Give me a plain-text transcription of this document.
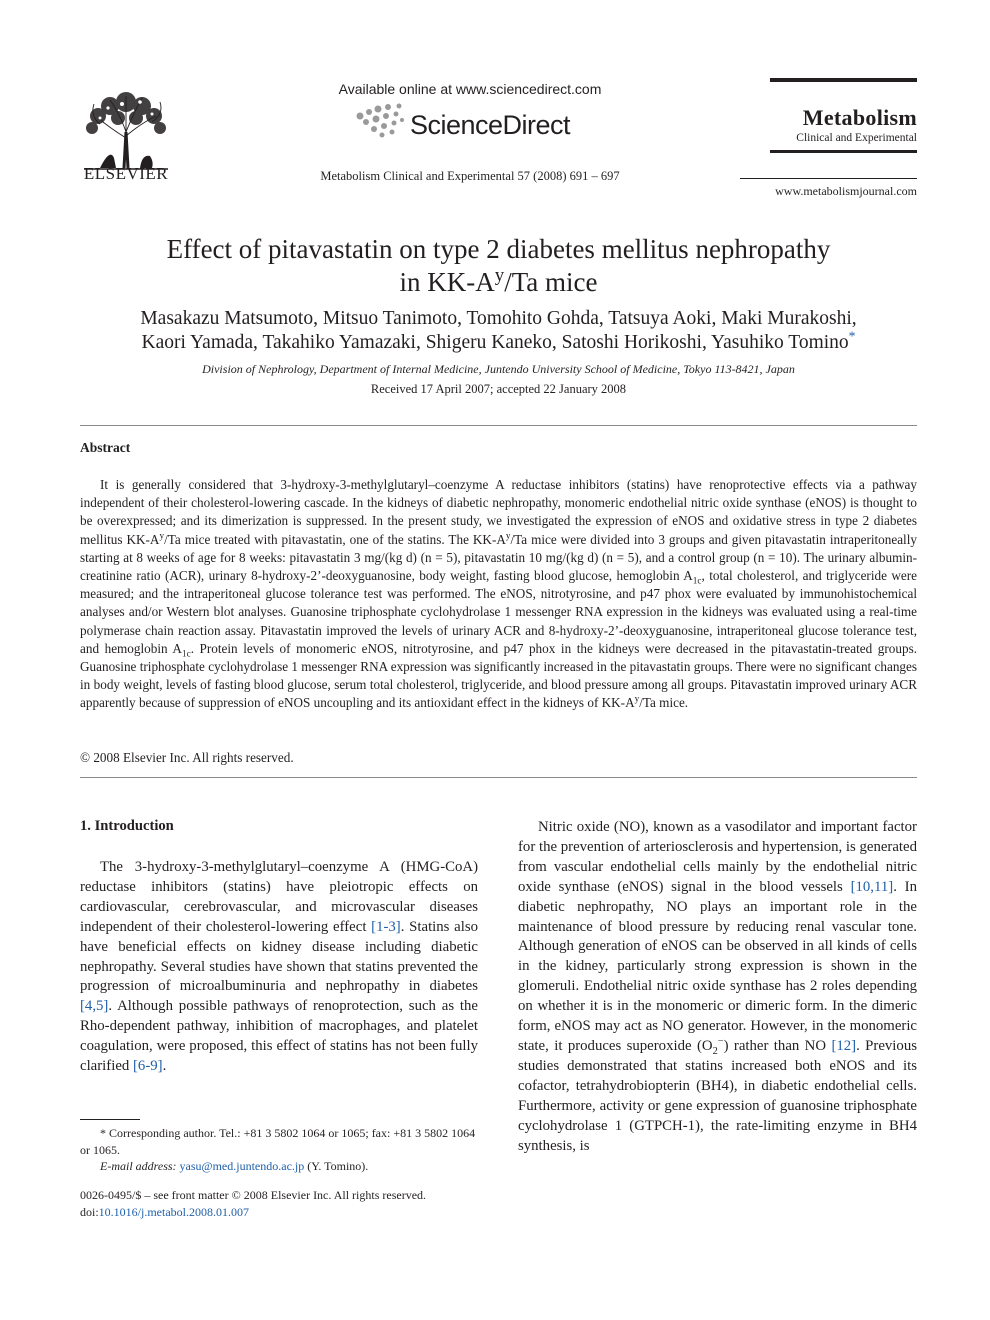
ELSEVIER
Available online at www.sciencedirect.com
ScienceDirect
Metabolism Clinical and Experimental 57 (2008) 691 – 697
Metabolism
Clinical and Experimental
www.metabolismjournal.com
Effect of pitavastatin on type 2 diabetes mellitus nephropathy
in $KK-A^y/Ta$ mice
Masakazu Matsumoto, Mitsuo Tanimoto, Tomohito Gohda, Tatsuya Aoki, Maki Murakoshi,
Kaori Yamada, Takahiko Yamazaki, Shigeru Kaneko, Satoshi Horikoshi, Yasuhiko Tomino*
Division of Nephrology, Department of Internal Medicine, Juntendo University School of Medicine, Tokyo 113-8421, Japan
Received 17 April 2007; accepted 22 January 2008
Abstract
It is generally considered that 3-hydroxy-3-methylglutaryl–coenzyme A reductase inhibitors (statins) have renoprotective effects via a pathway independent of their cholesterol-lowering cascade. In the kidneys of diabetic nephropathy, monomeric endothelial nitric oxide synthase (eNOS) is thought to be overexpressed; and its dimerization is suppressed. In the present study, we investigated the expression of eNOS and oxidative stress in type 2 diabetes mellitus $KK-A^y/Ta$ mice treated with pitavastatin, one of the statins. The $KK-A^y/Ta$ mice were divided into 3 groups and given pitavastatin intraperitoneally starting at 8 weeks of age for 8 weeks: pitavastatin 3 mg/(kg d) (n = 5), pitavastatin 10 mg/(kg d) (n = 5), and a control group (n = 10). The urinary albumin-creatinine ratio (ACR), urinary 8-hydroxy-2’-deoxyguanosine, body weight, fasting blood glucose, hemoglobin $A_{1c}$, total cholesterol, and triglyceride were measured; and the intraperitoneal glucose tolerance test was performed. The eNOS, nitrotyrosine, and p47 phox were evaluated by immunohistochemical analyses and/or Western blot analyses. Guanosine triphosphate cyclohydrolase 1 messenger RNA expression in the kidneys was evaluated using a real-time polymerase chain reaction assay. Pitavastatin improved the levels of urinary ACR and 8-hydroxy-2’-deoxyguanosine, intraperitoneal glucose tolerance test, and hemoglobin $A_{1c}$. Protein levels of monomeric eNOS, nitrotyrosine, and p47 phox in the kidneys were decreased in the pitavastatin-treated groups. Guanosine triphosphate cyclohydrolase 1 messenger RNA expression was significantly increased in the pitavastatin groups. There were no significant changes in body weight, levels of fasting blood glucose, serum total cholesterol, triglyceride, and blood pressure among all groups. Pitavastatin improved urinary ACR apparently because of suppression of eNOS uncoupling and its antioxidant effect in the kidneys of $KK-A^y/Ta$ mice.
© 2008 Elsevier Inc. All rights reserved.
1. Introduction
The 3-hydroxy-3-methylglutaryl–coenzyme A (HMG-CoA) reductase inhibitors (statins) have pleiotropic effects on cardiovascular, cerebrovascular, and microvascular diseases independent of their cholesterol-lowering effect [1-3]. Statins also have beneficial effects on kidney disease including diabetic nephropathy. Several studies have shown that statins prevented the progression of microalbuminuria and nephropathy in diabetes [4,5]. Although possible pathways of renoprotection, such as the Rho-dependent pathway, inhibition of macrophages, and platelet coagulation, were proposed, this effect of statins has not been fully clarified [6-9].
Nitric oxide (NO), known as a vasodilator and important factor for the prevention of arteriosclerosis and hypertension, is generated from vascular endothelial cells mainly by the endothelial nitric oxide synthase (eNOS) signal in the blood vessels [10,11]. In diabetic nephropathy, NO plays an important role in the maintenance of blood pressure by reducing renal vascular tone. Although generation of eNOS can be observed in all kinds of cells in the kidney, particularly strong expression is shown in the glomeruli. Endothelial nitric oxide synthase has 2 roles depending on whether it is in the monomeric or dimeric form. In the dimeric form, eNOS may act as NO generator. However, in the monomeric state, it produces superoxide $(O_2^-)$ rather than NO [12]. Previous studies demonstrated that statins increased both eNOS and its cofactor, tetrahydrobiopterin (BH4), in diabetic endothelial cells. Furthermore, activity or gene expression of guanosine triphosphate cyclohydrolase 1 (GTPCH-1), the rate-limiting enzyme in BH4 synthesis, is
* Corresponding author. Tel.: +81 3 5802 1064 or 1065; fax: +81 3 5802 1064 or 1065.
E-mail address: yasu@med.juntendo.ac.jp (Y. Tomino).
0026-0495/$ – see front matter © 2008 Elsevier Inc. All rights reserved.
doi:10.1016/j.metabol.2008.01.007
